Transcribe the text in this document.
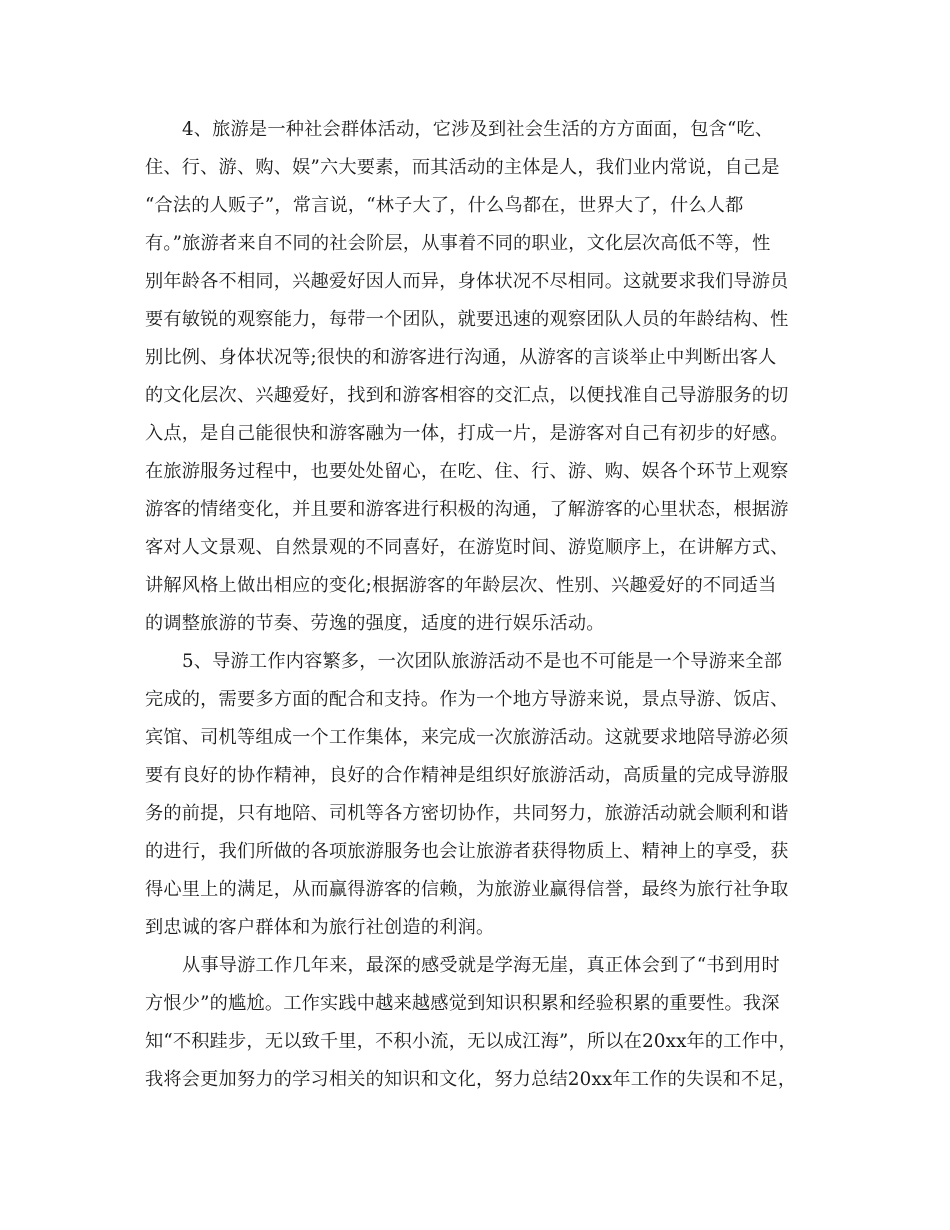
4、旅游是一种社会群体活动，它涉及到社会生活的方方面面，包含“吃、

住、行、游、购、娱”六大要素，而其活动的主体是人，我们业内常说，自己是

“合法的人贩子”，常言说，“林子大了，什么鸟都在，世界大了，什么人都

有。”旅游者来自不同的社会阶层，从事着不同的职业，文化层次高低不等，性

别年龄各不相同，兴趣爱好因人而异，身体状况不尽相同。这就要求我们导游员

要有敏锐的观察能力，每带一个团队，就要迅速的观察团队人员的年龄结构、性

别比例、身体状况等;很快的和游客进行沟通，从游客的言谈举止中判断出客人

的文化层次、兴趣爱好，找到和游客相容的交汇点，以便找准自己导游服务的切

入点，是自己能很快和游客融为一体，打成一片，是游客对自己有初步的好感。

在旅游服务过程中，也要处处留心，在吃、住、行、游、购、娱各个环节上观察

游客的情绪变化，并且要和游客进行积极的沟通，了解游客的心里状态，根据游

客对人文景观、自然景观的不同喜好，在游览时间、游览顺序上，在讲解方式、

讲解风格上做出相应的变化;根据游客的年龄层次、性别、兴趣爱好的不同适当

的调整旅游的节奏、劳逸的强度，适度的进行娱乐活动。

5、导游工作内容繁多，一次团队旅游活动不是也不可能是一个导游来全部

完成的，需要多方面的配合和支持。作为一个地方导游来说，景点导游、饭店、

宾馆、司机等组成一个工作集体，来完成一次旅游活动。这就要求地陪导游必须

要有良好的协作精神，良好的合作精神是组织好旅游活动，高质量的完成导游服

务的前提，只有地陪、司机等各方密切协作，共同努力，旅游活动就会顺利和谐

的进行，我们所做的各项旅游服务也会让旅游者获得物质上、精神上的享受，获

得心里上的满足，从而赢得游客的信赖，为旅游业赢得信誉，最终为旅行社争取

到忠诚的客户群体和为旅行社创造的利润。

从事导游工作几年来，最深的感受就是学海无崖，真正体会到了“书到用时

方恨少”的尴尬。工作实践中越来越感觉到知识积累和经验积累的重要性。我深

知“不积跬步，无以致千里，不积小流，无以成江海”，所以在20xx年的工作中，

我将会更加努力的学习相关的知识和文化，努力总结20xx年工作的失误和不足，
